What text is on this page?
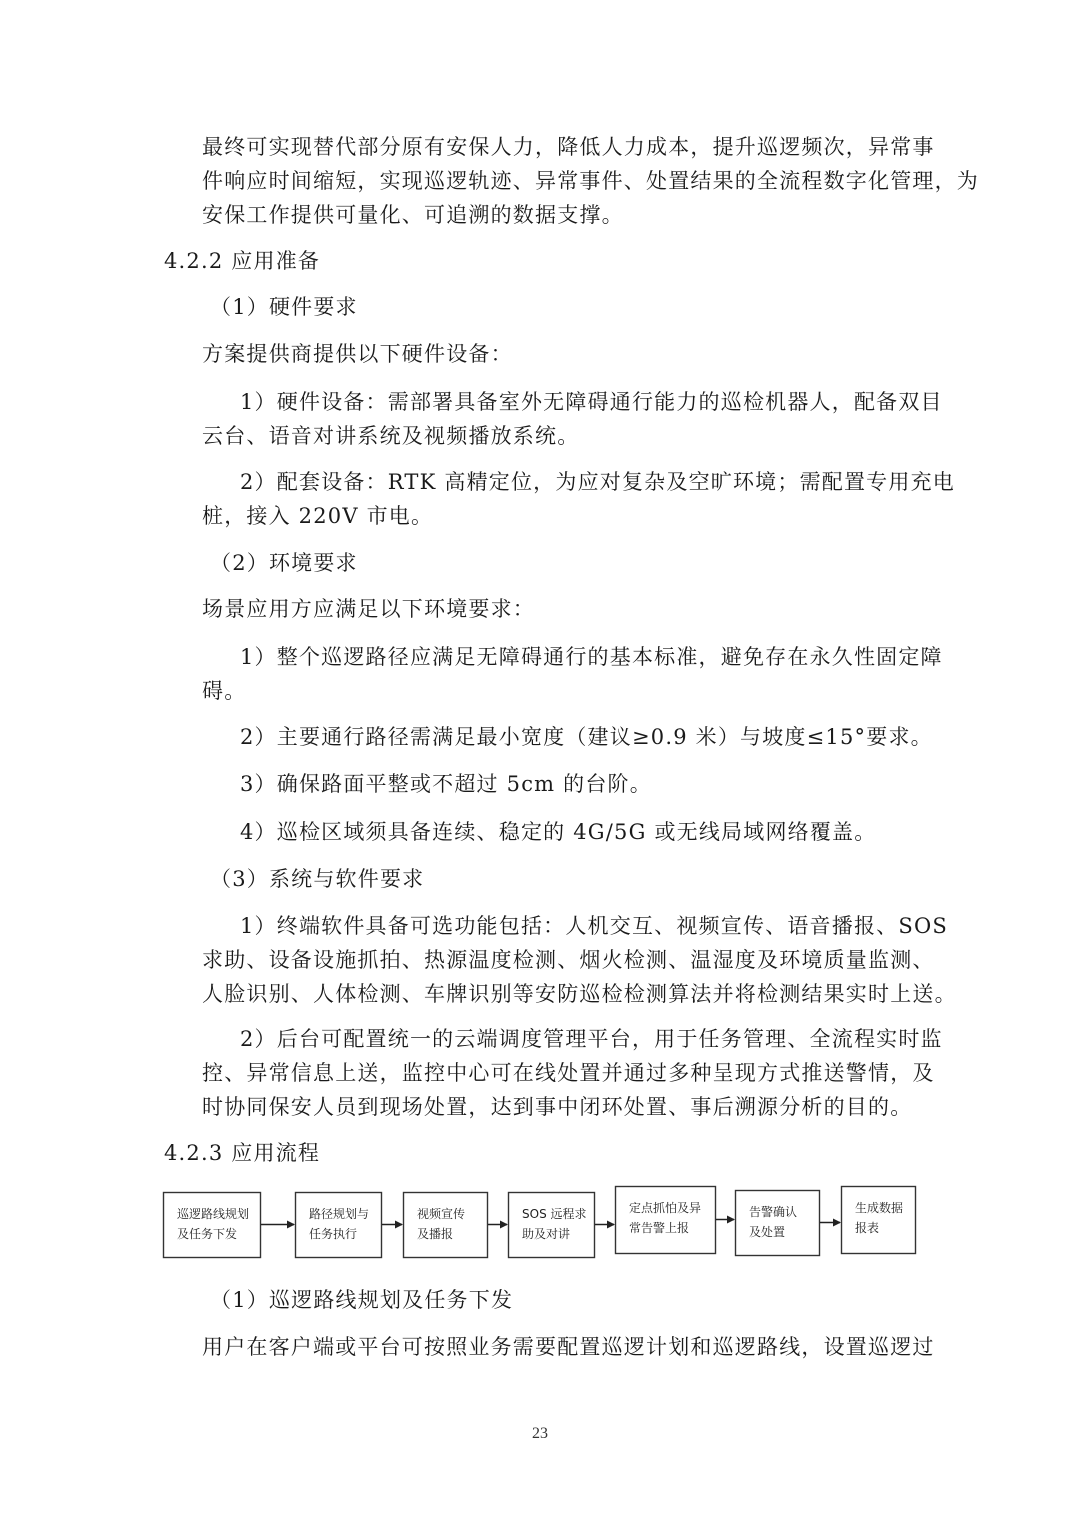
最终可实现替代部分原有安保人力，降低人力成本，提升巡逻频次，异常事
件响应时间缩短，实现巡逻轨迹、异常事件、处置结果的全流程数字化管理，为
安保工作提供可量化、可追溯的数据支撑。
4.2.2 应用准备
（1）硬件要求
方案提供商提供以下硬件设备：
1）硬件设备：需部署具备室外无障碍通行能力的巡检机器人，配备双目
云台、语音对讲系统及视频播放系统。
2）配套设备：RTK 高精定位，为应对复杂及空旷环境；需配置专用充电
桩，接入 220V 市电。
（2）环境要求
场景应用方应满足以下环境要求：
1）整个巡逻路径应满足无障碍通行的基本标准，避免存在永久性固定障
碍。
2）主要通行路径需满足最小宽度（建议≥0.9 米）与坡度≤15°要求。
3）确保路面平整或不超过 5cm 的台阶。
4）巡检区域须具备连续、稳定的 4G/5G 或无线局域网络覆盖。
（3）系统与软件要求
1）终端软件具备可选功能包括：人机交互、视频宣传、语音播报、SOS
求助、设备设施抓拍、热源温度检测、烟火检测、温湿度及环境质量监测、
人脸识别、人体检测、车牌识别等安防巡检检测算法并将检测结果实时上送。
2）后台可配置统一的云端调度管理平台，用于任务管理、全流程实时监
控、异常信息上送，监控中心可在线处置并通过多种呈现方式推送警情，及
时协同保安人员到现场处置，达到事中闭环处置、事后溯源分析的目的。
4.2.3 应用流程
巡逻路线规划
及任务下发
路径规划与
任务执行
视频宣传
及播报
SOS 远程求
助及对讲
定点抓怕及异
常告警上报
告警确认
及处置
生成数据
报表
（1）巡逻路线规划及任务下发
用户在客户端或平台可按照业务需要配置巡逻计划和巡逻路线，设置巡逻过
23
